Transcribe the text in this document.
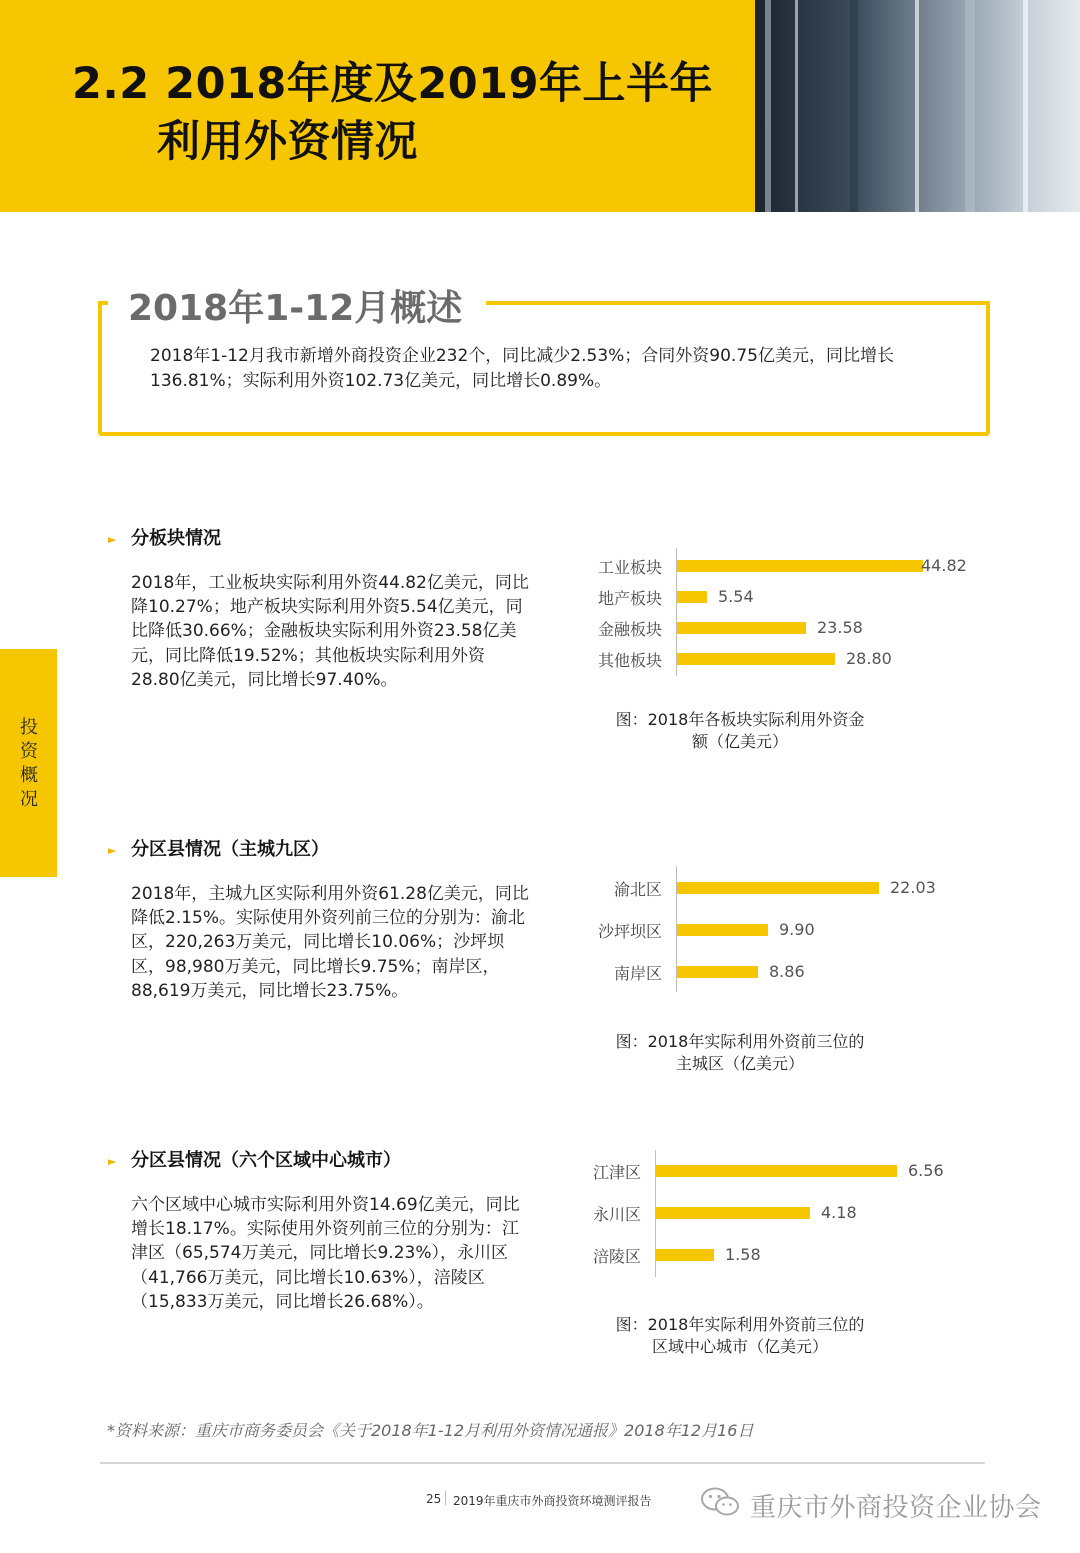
2.2 2018年度及2019年上半年
利用外资情况
2018年1-12月概述
2018年1-12月我市新增外商投资企业232个，同比减少2.53%；合同外资90.75亿美元，同比增长136.81%；实际利用外资102.73亿美元，同比增长0.89%。
投
资
概
况
► 分板块情况
2018年，工业板块实际利用外资44.82亿美元，同比降10.27%；地产板块实际利用外资5.54亿美元，同比降低30.66%；金融板块实际利用外资23.58亿美元，同比降低19.52%；其他板块实际利用外资28.80亿美元，同比增长97.40%。
工业板块	44.82
地产板块	5.54
金融板块	23.58
其他板块	28.80
图：2018年各板块实际利用外资金
额（亿美元）
► 分区县情况（主城九区）
2018年，主城九区实际利用外资61.28亿美元，同比降低2.15%。实际使用外资列前三位的分别为：渝北区，220,263万美元，同比增长10.06%；沙坪坝区，98,980万美元，同比增长9.75%；南岸区，88,619万美元，同比增长23.75%。
渝北区	22.03
沙坪坝区	9.90
南岸区	8.86
图：2018年实际利用外资前三位的
主城区（亿美元）
► 分区县情况（六个区域中心城市）
六个区域中心城市实际利用外资14.69亿美元，同比增长18.17%。实际使用外资列前三位的分别为：江津区（65,574万美元，同比增长9.23%），永川区（41,766万美元，同比增长10.63%），涪陵区（15,833万美元，同比增长26.68%）。
江津区	6.56
永川区	4.18
涪陵区	1.58
图：2018年实际利用外资前三位的
区域中心城市（亿美元）
*资料来源：重庆市商务委员会《关于2018年1-12月利用外资情况通报》2018年12月16日
25 2019年重庆市外商投资环境测评报告	重庆市外商投资企业协会
